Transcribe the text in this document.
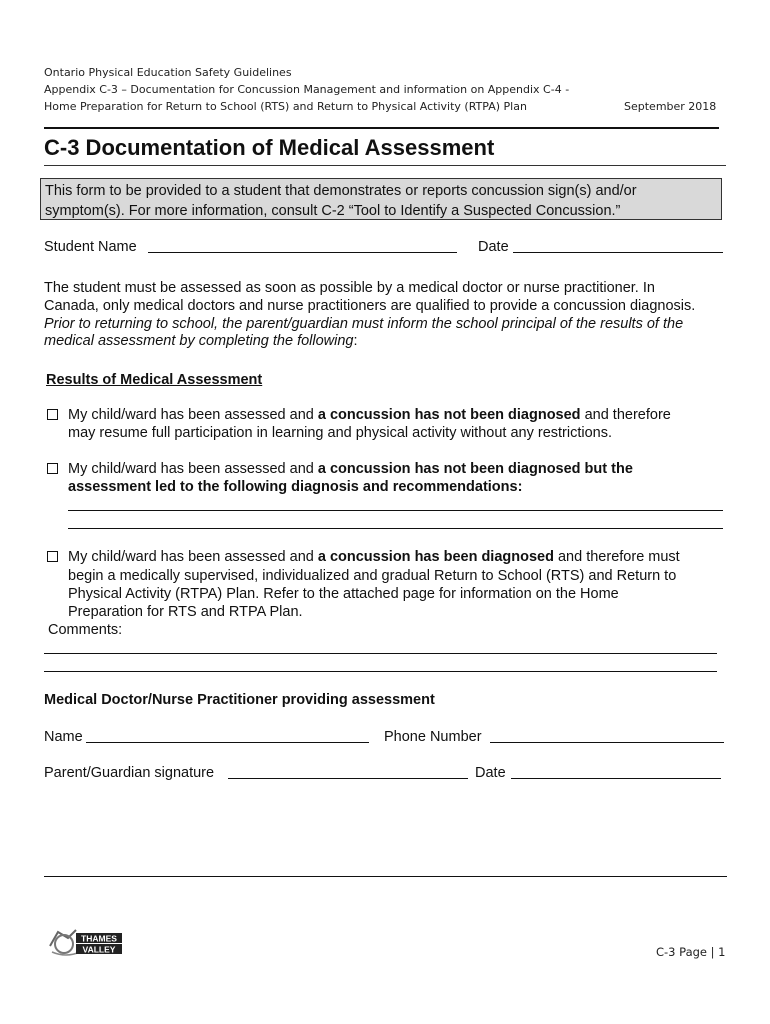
Ontario Physical Education Safety Guidelines
Appendix C-3 – Documentation for Concussion Management and information on Appendix C-4 -
Home Preparation for Return to School (RTS) and Return to Physical Activity (RTPA) Plan	September 2018
C-3 Documentation of Medical Assessment
This form to be provided to a student that demonstrates or reports concussion sign(s) and/or
symptom(s). For more information, consult C-2 “Tool to Identify a Suspected Concussion.”
Student Name	Date
The student must be assessed as soon as possible by a medical doctor or nurse practitioner. In
Canada, only medical doctors and nurse practitioners are qualified to provide a concussion diagnosis.
Prior to returning to school, the parent/guardian must inform the school principal of the results of the
medical assessment by completing the following:
Results of Medical Assessment
My child/ward has been assessed and a concussion has not been diagnosed and therefore
may resume full participation in learning and physical activity without any restrictions.
My child/ward has been assessed and a concussion has not been diagnosed but the
assessment led to the following diagnosis and recommendations:
My child/ward has been assessed and a concussion has been diagnosed and therefore must
begin a medically supervised, individualized and gradual Return to School (RTS) and Return to
Physical Activity (RTPA) Plan. Refer to the attached page for information on the Home
Preparation for RTS and RTPA Plan.
Comments:
Medical Doctor/Nurse Practitioner providing assessment
Name	Phone Number
Parent/Guardian signature	Date
THAMES
VALLEY	C-3 Page | 1
